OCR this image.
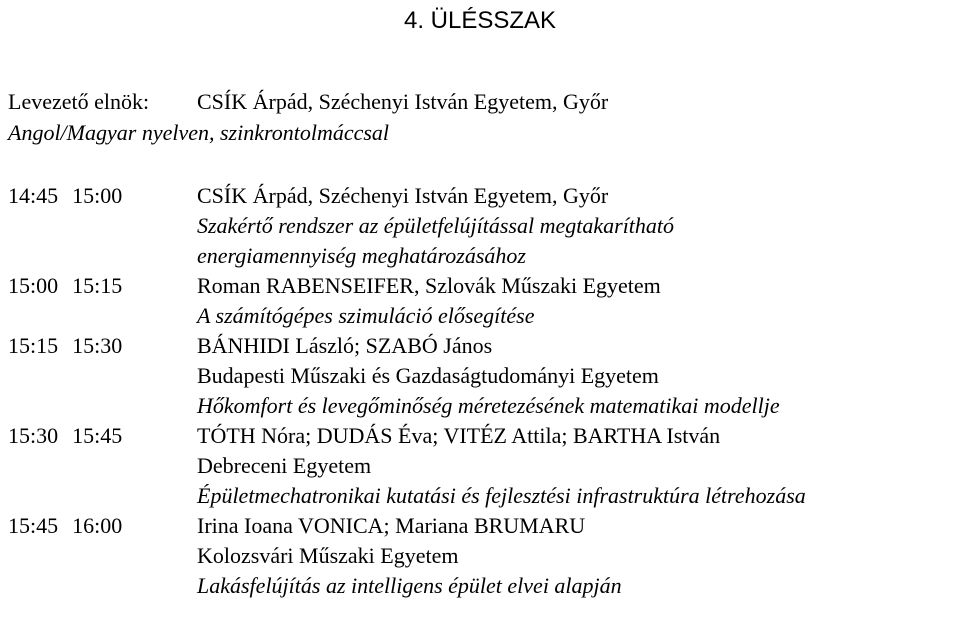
4. ÜLÉSSZAK
Levezető elnök: CSÍK Árpád, Széchenyi István Egyetem, Győr
Angol/Magyar nyelven, szinkrontolmáccsal
14:45 15:00	CSÍK Árpád, Széchenyi István Egyetem, Győr
Szakértő rendszer az épületfelújítással megtakarítható
energiamennyiség meghatározásához
15:00 15:15	Roman RABENSEIFER, Szlovák Műszaki Egyetem
A számítógépes szimuláció elősegítése
15:15 15:30	BÁNHIDI László; SZABÓ János
Budapesti Műszaki és Gazdaságtudományi Egyetem
Hőkomfort és levegőminőség méretezésének matematikai modellje
15:30 15:45	TÓTH Nóra; DUDÁS Éva; VITÉZ Attila; BARTHA István
Debreceni Egyetem
Épületmechatronikai kutatási és fejlesztési infrastruktúra létrehozása
15:45 16:00	Irina Ioana VONICA; Mariana BRUMARU
Kolozsvári Műszaki Egyetem
Lakásfelújítás az intelligens épület elvei alapján
